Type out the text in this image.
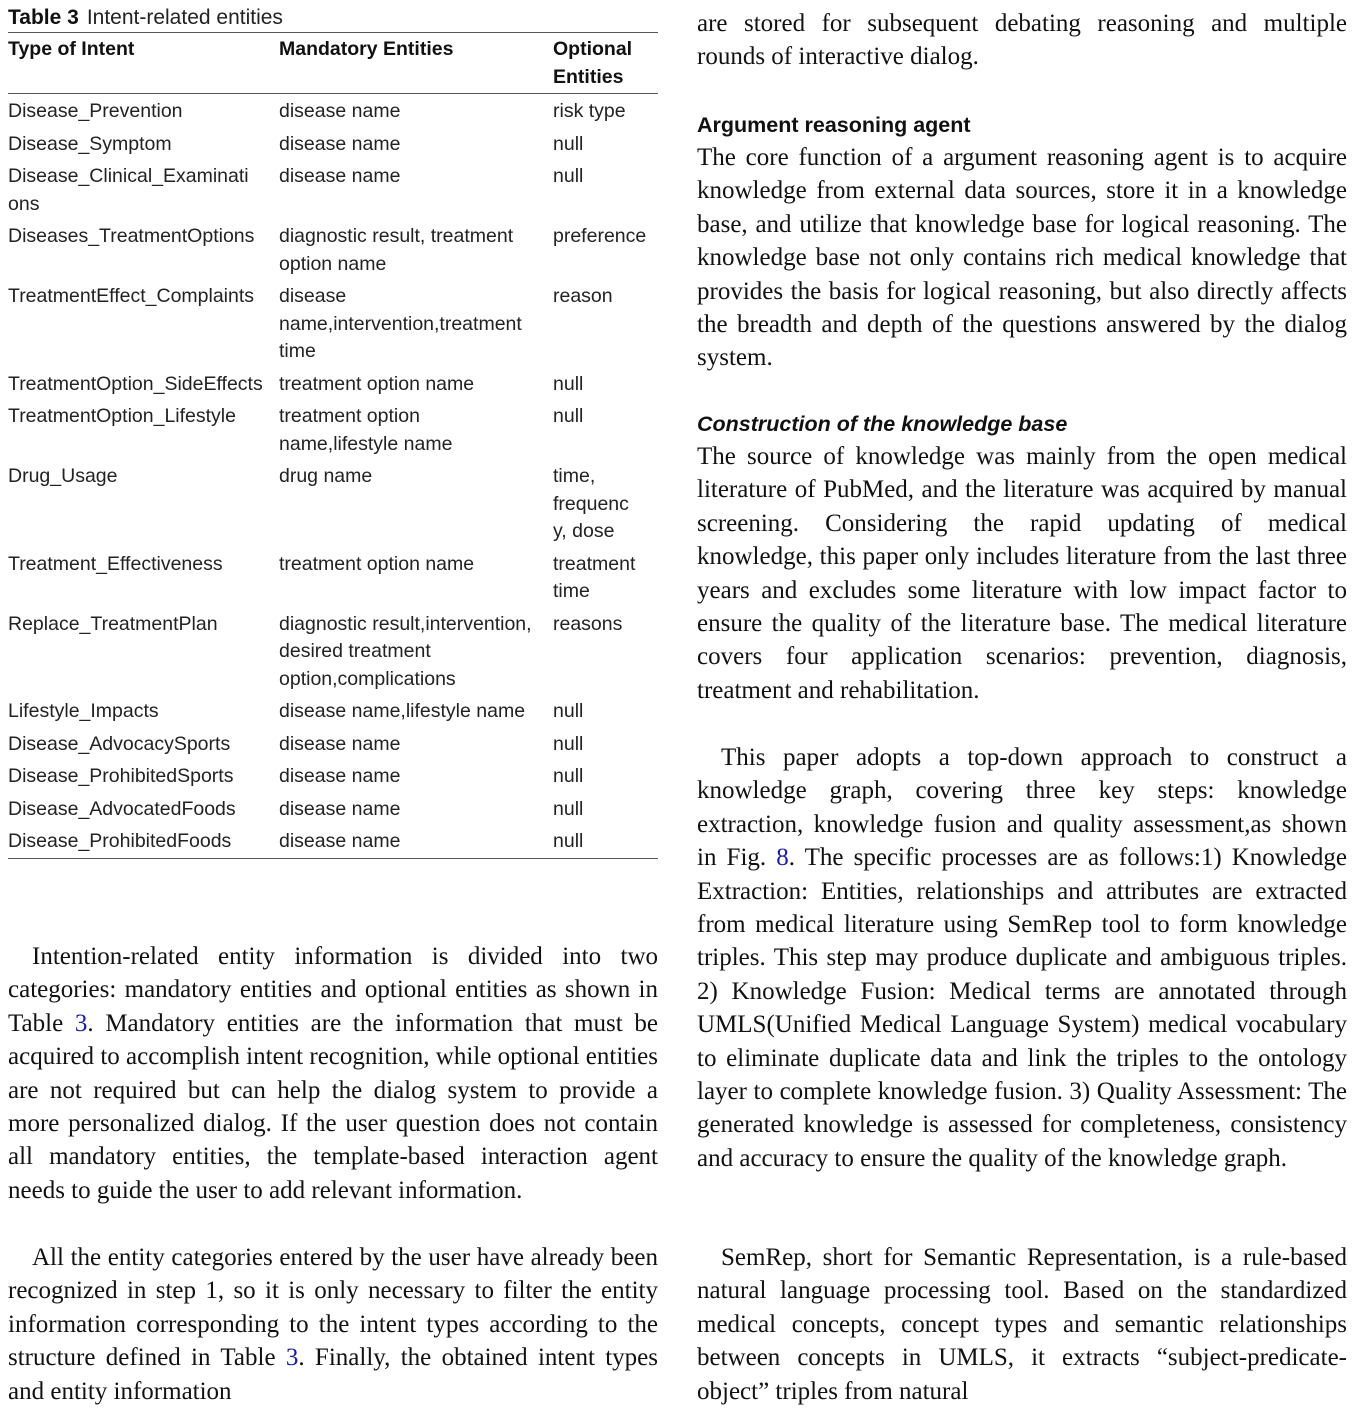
Table 3 Intent-related entities
Type of Intent	Mandatory Entities	Optional Entities
Disease_Prevention	disease name	risk type
Disease_Symptom	disease name	null
Disease_Clinical_Examinations	disease name	null
Diseases_TreatmentOptions	diagnostic result, treatment option name	preference
TreatmentEffect_Complaints	disease name,intervention,treatment time	reason
TreatmentOption_SideEffects	treatment option name	null
TreatmentOption_Lifestyle	treatment option name,lifestyle name	null
Drug_Usage	drug name	time, frequency, dose
Treatment_Effectiveness	treatment option name	treatment time
Replace_TreatmentPlan	diagnostic result,intervention, desired treatment option,complications	reasons
Lifestyle_Impacts	disease name,lifestyle name	null
Disease_AdvocacySports	disease name	null
Disease_ProhibitedSports	disease name	null
Disease_AdvocatedFoods	disease name	null
Disease_ProhibitedFoods	disease name	null

Intention-related entity information is divided into two categories: mandatory entities and optional entities as shown in Table 3. Mandatory entities are the information that must be acquired to accomplish intent recognition, while optional entities are not required but can help the dialog system to provide a more personalized dialog. If the user question does not contain all mandatory entities, the template-based interaction agent needs to guide the user to add relevant information.

All the entity categories entered by the user have already been recognized in step 1, so it is only necessary to filter the entity information corresponding to the intent types according to the structure defined in Table 3. Finally, the obtained intent types and entity information

are stored for subsequent debating reasoning and multiple rounds of interactive dialog.

Argument reasoning agent

The core function of a argument reasoning agent is to acquire knowledge from external data sources, store it in a knowledge base, and utilize that knowledge base for logical reasoning. The knowledge base not only contains rich medical knowledge that provides the basis for logical reasoning, but also directly affects the breadth and depth of the questions answered by the dialog system.

Construction of the knowledge base

The source of knowledge was mainly from the open medical literature of PubMed, and the literature was acquired by manual screening. Considering the rapid updating of medical knowledge, this paper only includes literature from the last three years and excludes some literature with low impact factor to ensure the quality of the literature base. The medical literature covers four application scenarios: prevention, diagnosis, treatment and rehabilitation.

This paper adopts a top-down approach to construct a knowledge graph, covering three key steps: knowledge extraction, knowledge fusion and quality assessment,as shown in Fig. 8. The specific processes are as follows:1) Knowledge Extraction: Entities, relationships and attributes are extracted from medical literature using SemRep tool to form knowledge triples. This step may produce duplicate and ambiguous triples. 2) Knowledge Fusion: Medical terms are annotated through UMLS(Unified Medical Language System) medical vocabulary to eliminate duplicate data and link the triples to the ontology layer to complete knowledge fusion. 3) Quality Assessment: The generated knowledge is assessed for completeness, consistency and accuracy to ensure the quality of the knowledge graph.

SemRep, short for Semantic Representation, is a rule-based natural language processing tool. Based on the standardized medical concepts, concept types and semantic relationships between concepts in UMLS, it extracts “subject-predicate-object” triples from natural
